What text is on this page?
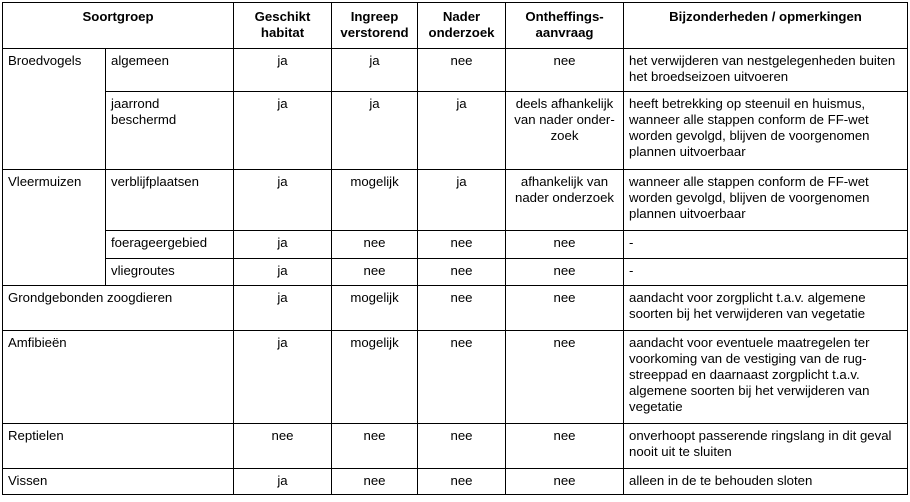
Soortgroep		Geschikt habitat	Ingreep verstorend	Nader onderzoek	Ontheffings-aanvraag	Bijzonderheden / opmerkingen
Broedvogels	algemeen	ja	ja	nee	nee	het verwijderen van nestgelegenheden buiten het broedseizoen uitvoeren
	jaarrond beschermd	ja	ja	ja	deels afhankelijk van nader onder-zoek	heeft betrekking op steenuil en huismus, wanneer alle stappen conform de FF-wet worden gevolgd, blijven de voorgenomen plannen uitvoerbaar
Vleermuizen	verblijfplaatsen	ja	mogelijk	ja	afhankelijk van nader onderzoek	wanneer alle stappen conform de FF-wet worden gevolgd, blijven de voorgenomen plannen uitvoerbaar
	foerageergebied	ja	nee	nee	nee	-
	vliegroutes	ja	nee	nee	nee	-
Grondgebonden zoogdieren		ja	mogelijk	nee	nee	aandacht voor zorgplicht t.a.v. algemene soorten bij het verwijderen van vegetatie
Amfibieën		ja	mogelijk	nee	nee	aandacht voor eventuele maatregelen ter voorkoming van de vestiging van de rug-streeppad en daarnaast zorgplicht t.a.v. algemene soorten bij het verwijderen van vegetatie
Reptielen		nee	nee	nee	nee	onverhoopt passerende ringslang in dit geval nooit uit te sluiten
Vissen		ja	nee	nee	nee	alleen in de te behouden sloten
